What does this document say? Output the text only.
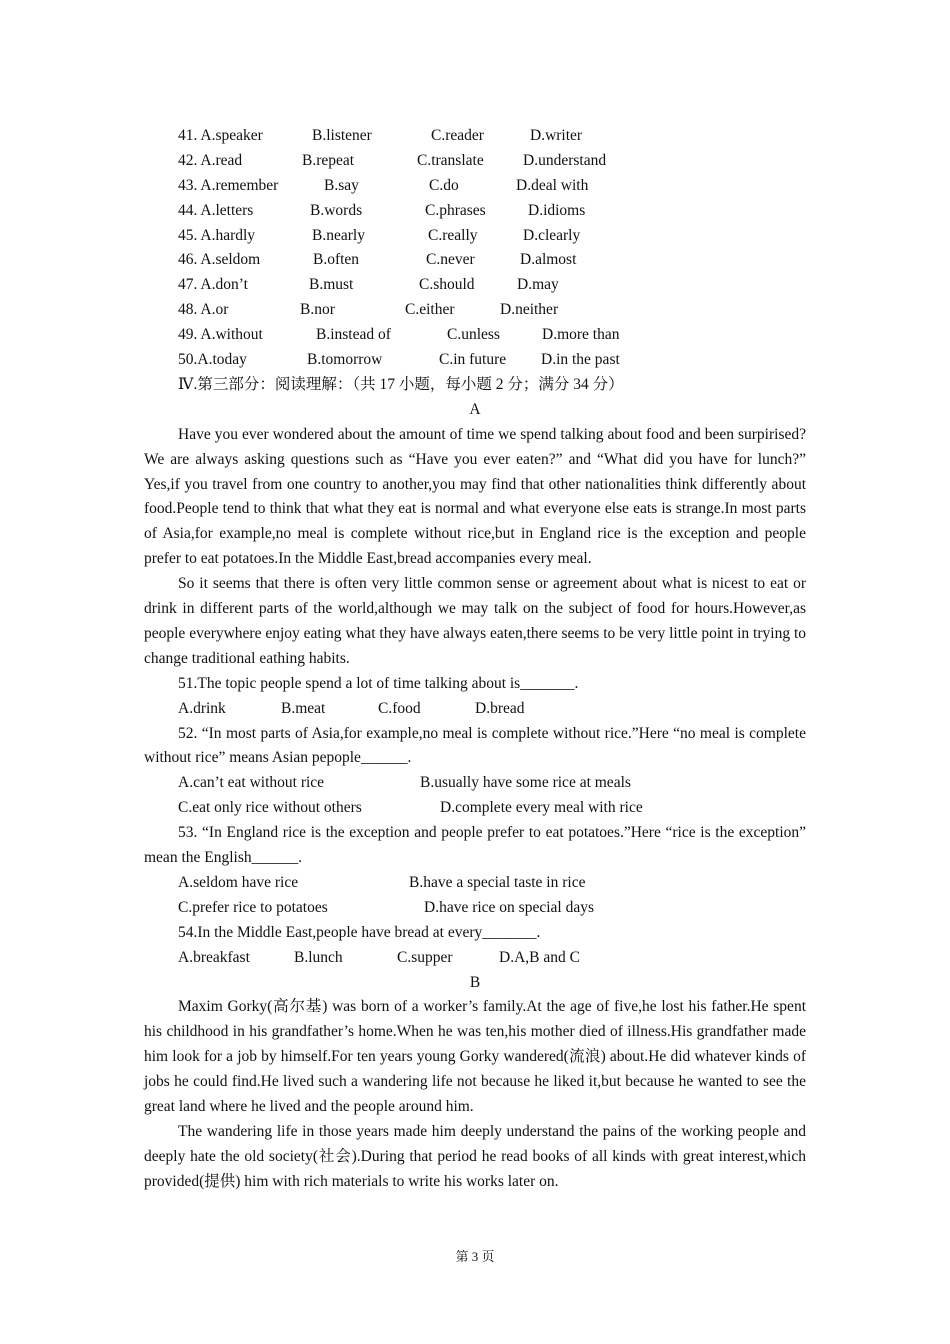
41. A.speaker	B.listener	C.reader	D.writer
42. A.read	B.repeat	C.translate	D.understand
43. A.remember	B.say	C.do	D.deal with
44. A.letters	B.words	C.phrases	D.idioms
45. A.hardly	B.nearly	C.really	D.clearly
46. A.seldom	B.often	C.never	D.almost
47. A.don’t	B.must	C.should	D.may
48. A.or	B.nor	C.either	D.neither
49. A.without	B.instead of	C.unless	D.more than
50.A.today	B.tomorrow	C.in future D.in the past
Ⅳ.第三部分：阅读理解：（共 17 小题，每小题 2 分；满分 34 分）
A

Have you ever wondered about the amount of time we spend talking about food and been surpirised?We are always asking questions such as “Have you ever eaten?” and “What did you have for lunch?” Yes,if you travel from one country to another,you may find that other nationalities think differently about food.People tend to think that what they eat is normal and what everyone else eats is strange.In most parts of Asia,for example,no meal is complete without rice,but in England rice is the exception and people prefer to eat potatoes.In the Middle East,bread accompanies every meal.

So it seems that there is often very little common sense or agreement about what is nicest to eat or drink in different parts of the world,although we may talk on the subject of food for hours.However,as people everywhere enjoy eating what they have always eaten,there seems to be very little point in trying to change traditional eathing habits.

51.The topic people spend a lot of time talking about is_______.
A.drink	B.meat	C.food	D.bread

52. “In most parts of Asia,for example,no meal is complete without rice.”Here “no meal is complete without rice” means Asian pepople______.

A.can’t eat without rice	B.usually have some rice at meals
C.eat only rice without others	D.complete every meal with rice

53. “In England rice is the exception and people prefer to eat potatoes.”Here “rice is the exception” mean the English______.

A.seldom have rice	B.have a special taste in rice
C.prefer rice to potatoes	D.have rice on special days
54.In the Middle East,people have bread at every_______.
A.breakfast	B.lunch	C.supper	D.A,B and C
B

Maxim Gorky(高尔基) was born of a worker’s family.At the age of five,he lost his father.He spent his childhood in his grandfather’s home.When he was ten,his mother died of illness.His grandfather made him look for a job by himself.For ten years young Gorky wandered(流浪) about.He did whatever kinds of jobs he could find.He lived such a wandering life not because he liked it,but because he wanted to see the great land where he lived and the people around him.

The wandering life in those years made him deeply understand the pains of the working people and deeply hate the old society(社会).During that period he read books of all kinds with great interest,which provided(提供) him with rich materials to write his works later on.

第 3 页
